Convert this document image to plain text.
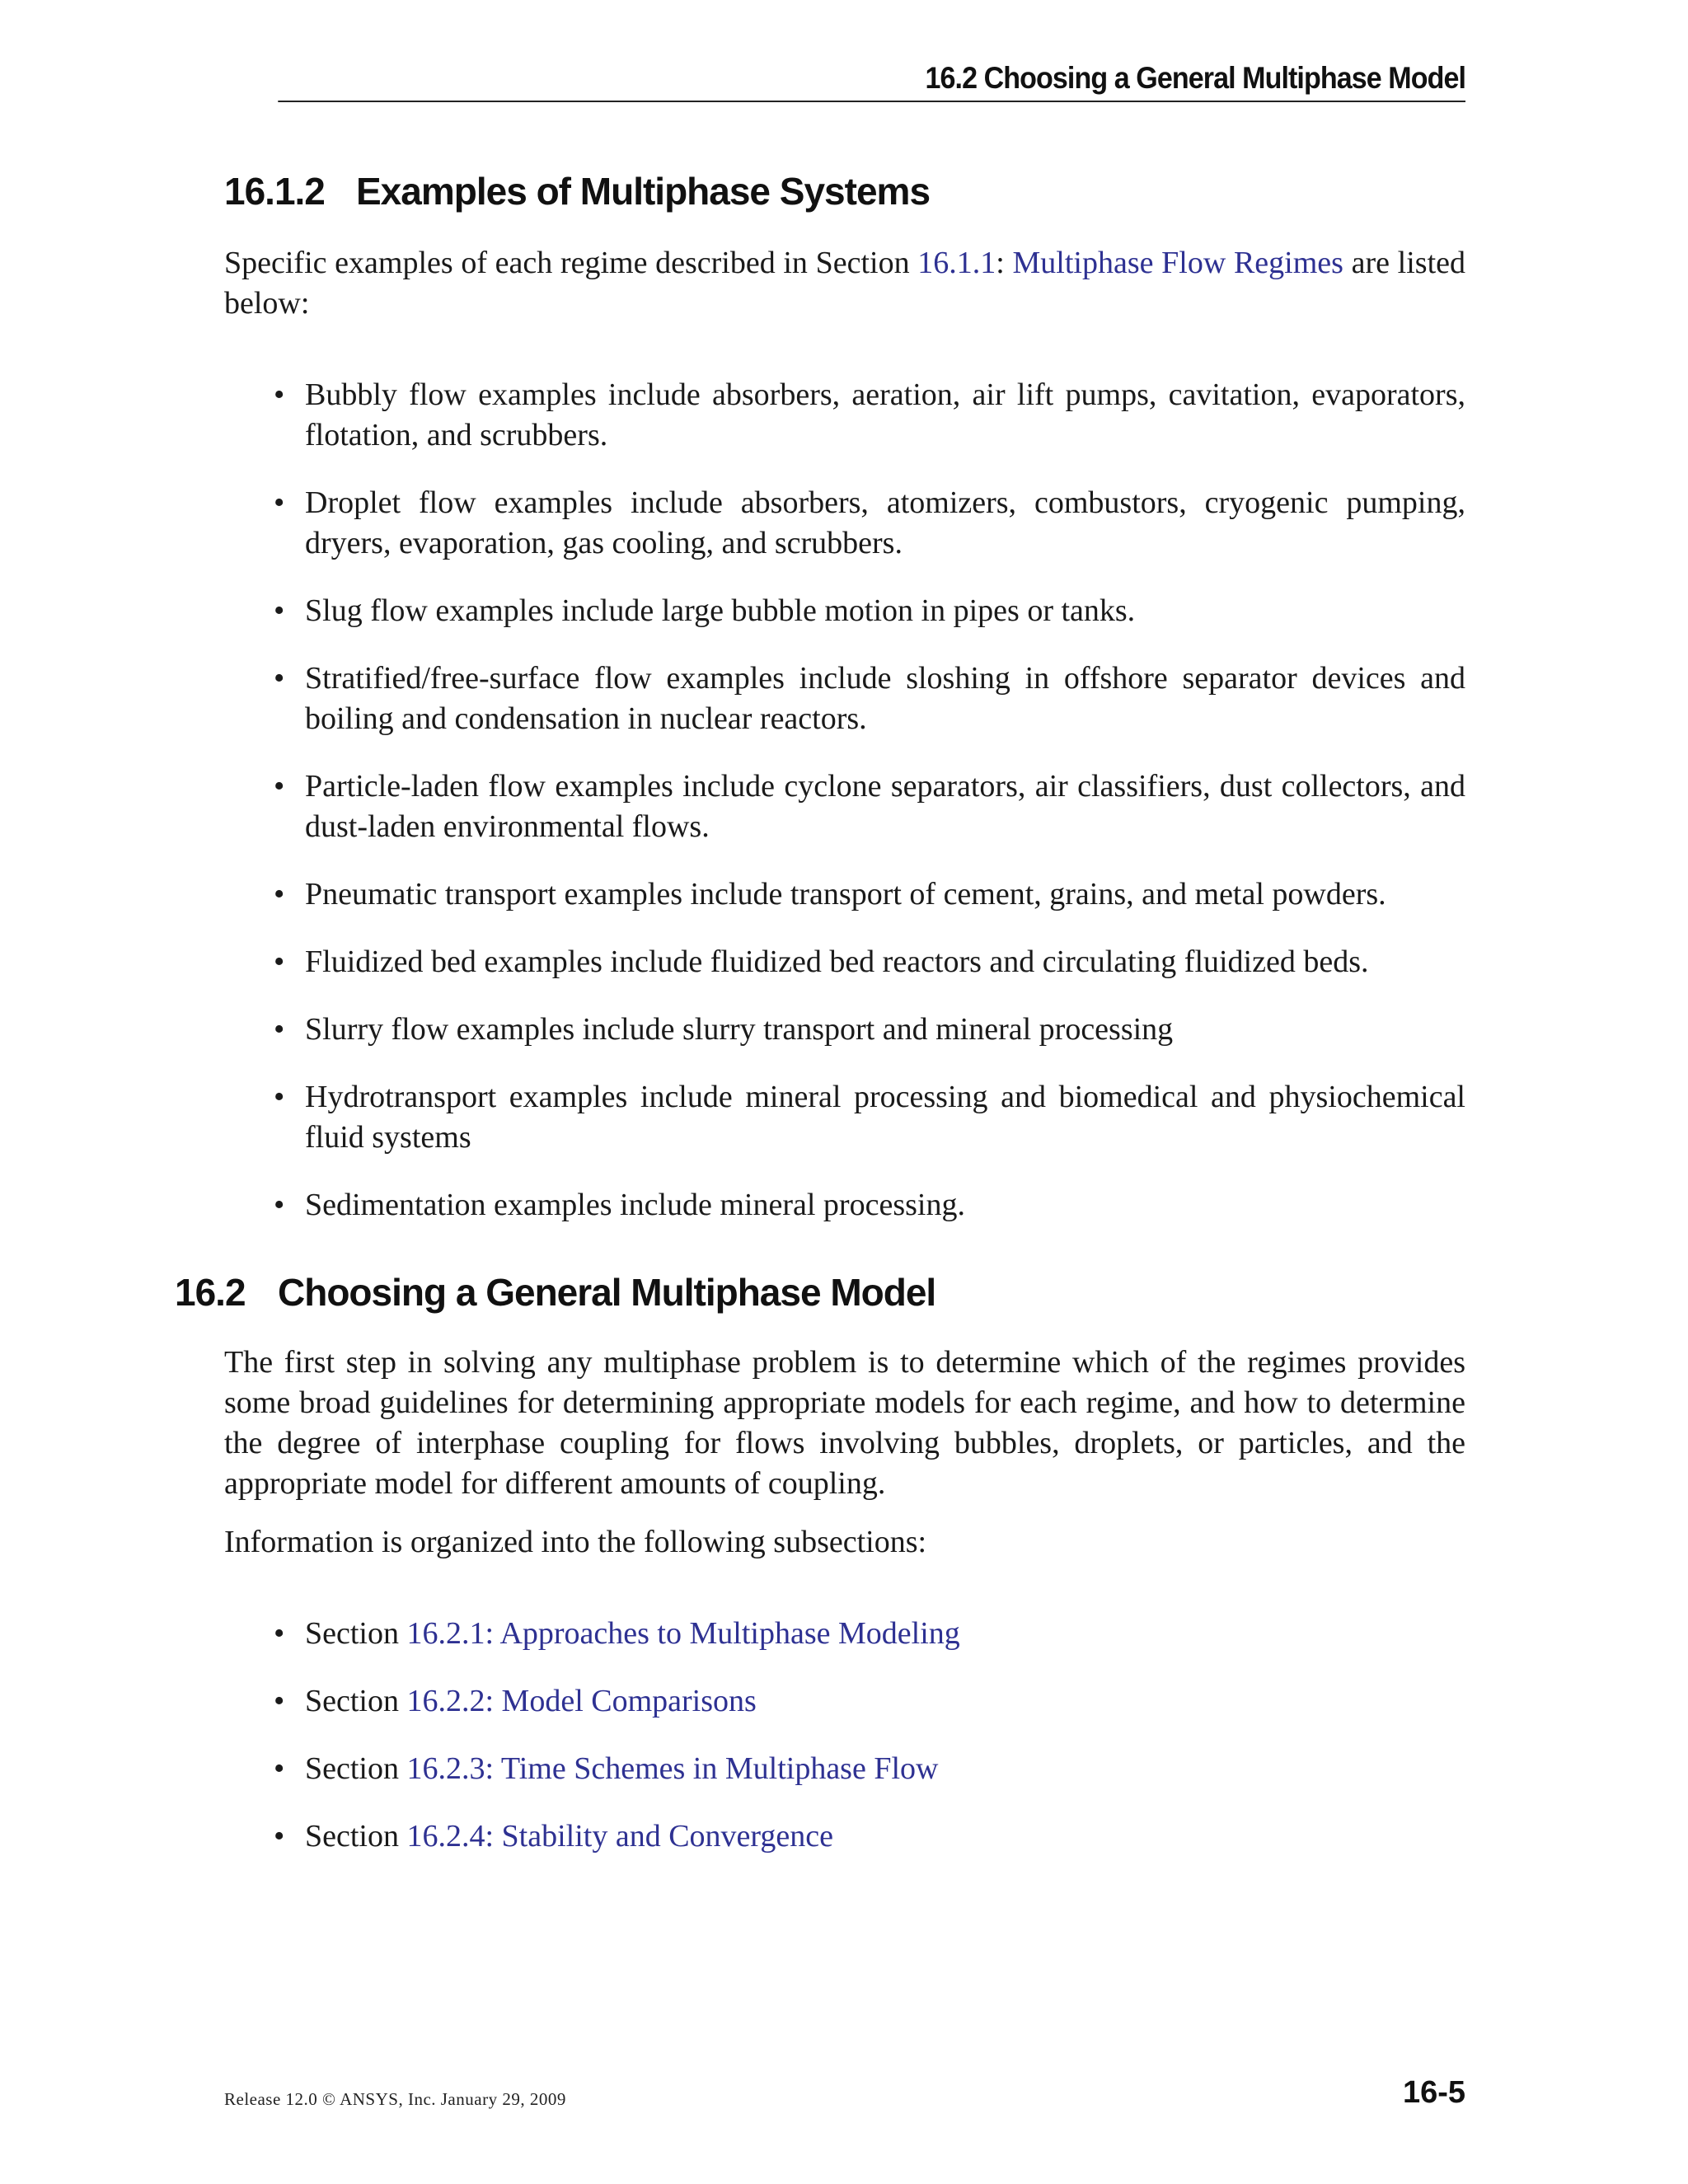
16.2 Choosing a General Multiphase Model
16.1.2 Examples of Multiphase Systems

Specific examples of each regime described in Section 16.1.1: Multiphase Flow Regimes are listed below:

• Bubbly flow examples include absorbers, aeration, air lift pumps, cavitation, evaporators, flotation, and scrubbers.
• Droplet flow examples include absorbers, atomizers, combustors, cryogenic pumping, dryers, evaporation, gas cooling, and scrubbers.
• Slug flow examples include large bubble motion in pipes or tanks.
• Stratified/free-surface flow examples include sloshing in offshore separator devices and boiling and condensation in nuclear reactors.
• Particle-laden flow examples include cyclone separators, air classifiers, dust collectors, and dust-laden environmental flows.
• Pneumatic transport examples include transport of cement, grains, and metal powders.
• Fluidized bed examples include fluidized bed reactors and circulating fluidized beds.
• Slurry flow examples include slurry transport and mineral processing
• Hydrotransport examples include mineral processing and biomedical and physiochemical fluid systems
• Sedimentation examples include mineral processing.
16.2 Choosing a General Multiphase Model

The first step in solving any multiphase problem is to determine which of the regimes provides some broad guidelines for determining appropriate models for each regime, and how to determine the degree of interphase coupling for flows involving bubbles, droplets, or particles, and the appropriate model for different amounts of coupling.

Information is organized into the following subsections:

• Section 16.2.1: Approaches to Multiphase Modeling
• Section 16.2.2: Model Comparisons
• Section 16.2.3: Time Schemes in Multiphase Flow
• Section 16.2.4: Stability and Convergence
Release 12.0 © ANSYS, Inc. January 29, 2009	16-5
